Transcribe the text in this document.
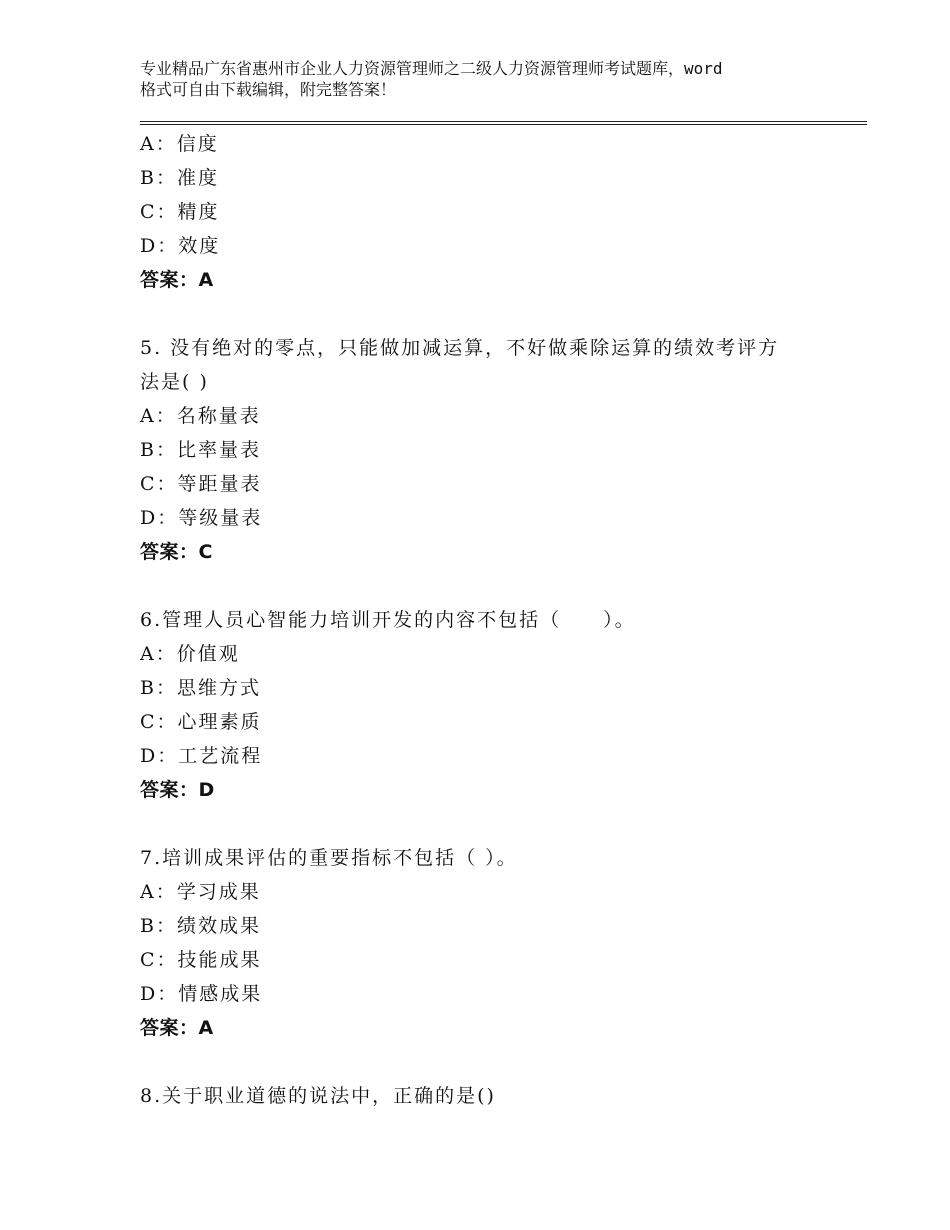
专业精品广东省惠州市企业人力资源管理师之二级人力资源管理师考试题库，word
格式可自由下载编辑，附完整答案！
A：信度
B：准度
C：精度
D：效度
答案：A
5. 没有绝对的零点，只能做加减运算，不好做乘除运算的绩效考评方
法是( )
A：名称量表
B：比率量表
C：等距量表
D：等级量表
答案：C
6.管理人员心智能力培训开发的内容不包括（　　）。
A：价值观
B：思维方式
C：心理素质
D：工艺流程
答案：D
7.培训成果评估的重要指标不包括（ ）。
A：学习成果
B：绩效成果
C：技能成果
D：情感成果
答案：A
8.关于职业道德的说法中，正确的是()
